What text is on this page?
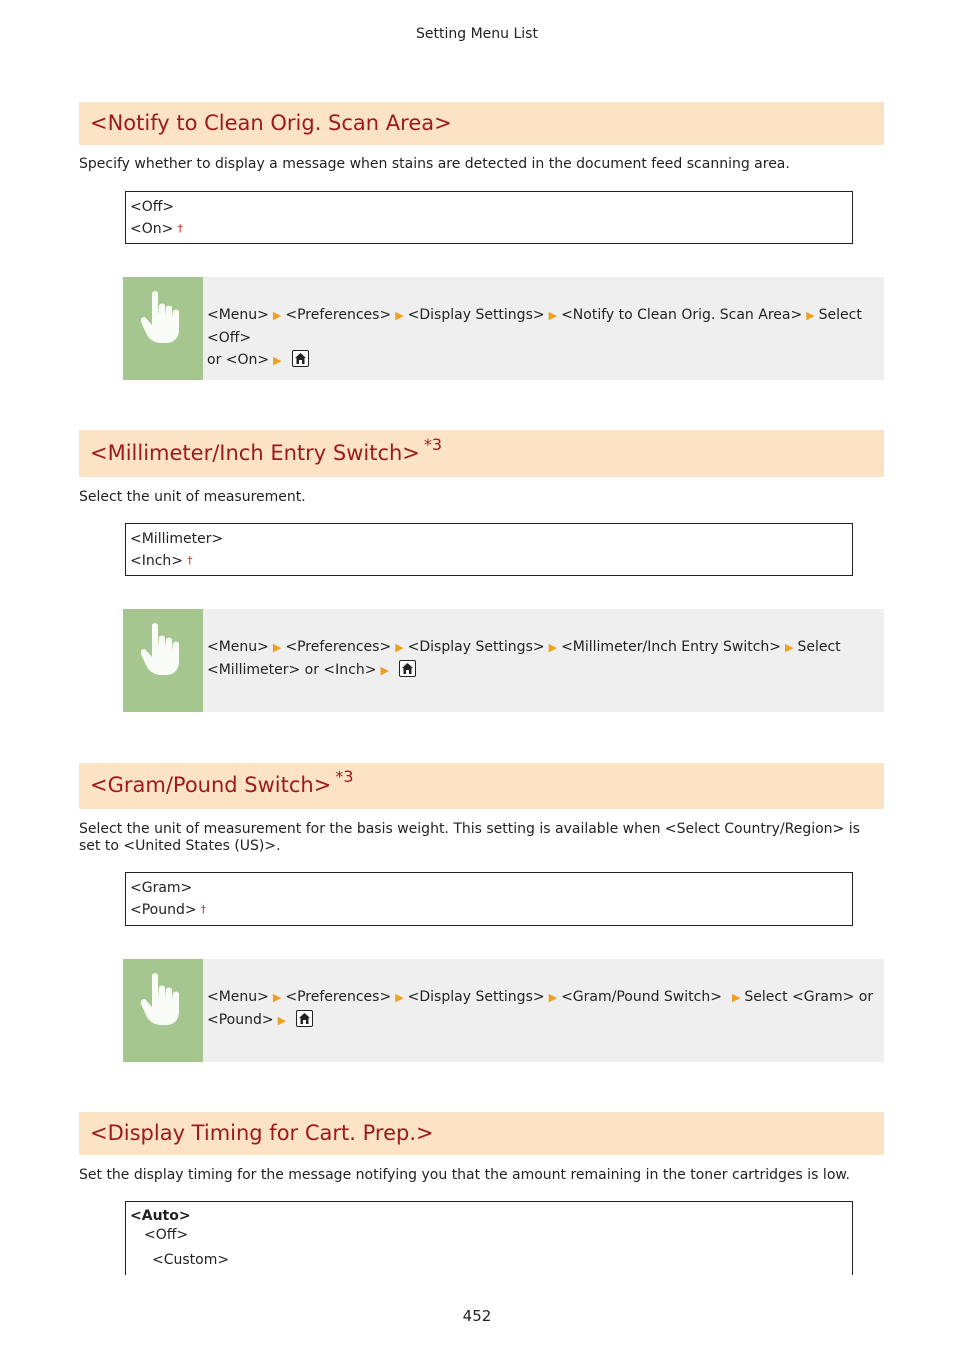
Setting Menu List
<Notify to Clean Orig. Scan Area>
Specify whether to display a message when stains are detected in the document feed scanning area.
<Off>
<On> †
<Menu> ▶ <Preferences> ▶ <Display Settings> ▶ <Notify to Clean Orig. Scan Area> ▶ Select <Off>
or <On> ▶
<Millimeter/Inch Entry Switch> $^{*3}$
Select the unit of measurement.
<Millimeter>
<Inch> †
<Menu> ▶ <Preferences> ▶ <Display Settings> ▶ <Millimeter/Inch Entry Switch> ▶ Select
<Millimeter> or <Inch> ▶
<Gram/Pound Switch> $^{*3}$
Select the unit of measurement for the basis weight. This setting is available when <Select Country/Region> is set to <United States (US)>.
<Gram>
<Pound> †
<Menu> ▶ <Preferences> ▶ <Display Settings> ▶ <Gram/Pound Switch> ▶ Select <Gram> or
<Pound> ▶
<Display Timing for Cart. Prep.>
Set the display timing for the message notifying you that the amount remaining in the toner cartridges is low.
<Auto>
<Off>
<Custom>
452
